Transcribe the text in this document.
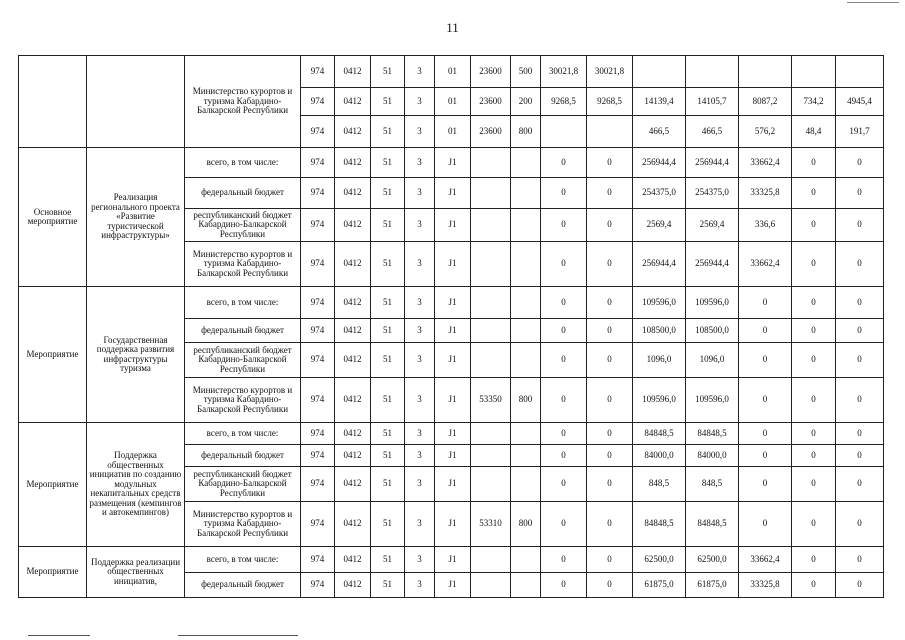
11
		Министерство курортов и туризма Кабардино-Балкарской Республики	974	0412	51	3	01	23600	500	30021,8	30021,8					
			974	0412	51	3	01	23600	200	9268,5	9268,5	14139,4	14105,7	8087,2	734,2	4945,4
			974	0412	51	3	01	23600	800			466,5	466,5	576,2	48,4	191,7
Основное мероприятие	Реализация регионального проекта «Развитие туристической инфраструктуры»	всего, в том числе:	974	0412	51	3	J1			0	0	256944,4	256944,4	33662,4	0	0
		федеральный бюджет	974	0412	51	3	J1			0	0	254375,0	254375,0	33325,8	0	0
		республиканский бюджет Кабардино-Балкарской Республики	974	0412	51	3	J1			0	0	2569,4	2569,4	336,6	0	0
		Министерство курортов и туризма Кабардино-Балкарской Республики	974	0412	51	3	J1			0	0	256944,4	256944,4	33662,4	0	0
Мероприятие	Государственная поддержка развития инфраструктуры туризма	всего, в том числе:	974	0412	51	3	J1			0	0	109596,0	109596,0	0	0	0
		федеральный бюджет	974	0412	51	3	J1			0	0	108500,0	108500,0	0	0	0
		республиканский бюджет Кабардино-Балкарской Республики	974	0412	51	3	J1			0	0	1096,0	1096,0	0	0	0
		Министерство курортов и туризма Кабардино-Балкарской Республики	974	0412	51	3	J1	53350	800	0	0	109596,0	109596,0	0	0	0
Мероприятие	Поддержка общественных инициатив по созданию модульных некапитальных средств размещения (кемпингов и автокемпингов)	всего, в том числе:	974	0412	51	3	J1			0	0	84848,5	84848,5	0	0	0
		федеральный бюджет	974	0412	51	3	J1			0	0	84000,0	84000,0	0	0	0
		республиканский бюджет Кабардино-Балкарской Республики	974	0412	51	3	J1			0	0	848,5	848,5	0	0	0
		Министерство курортов и туризма Кабардино-Балкарской Республики	974	0412	51	3	J1	53310	800	0	0	84848,5	84848,5	0	0	0
Мероприятие	Поддержка реализации общественных инициатив,	всего, в том числе:	974	0412	51	3	J1			0	0	62500,0	62500,0	33662,4	0	0
		федеральный бюджет	974	0412	51	3	J1			0	0	61875,0	61875,0	33325,8	0	0
